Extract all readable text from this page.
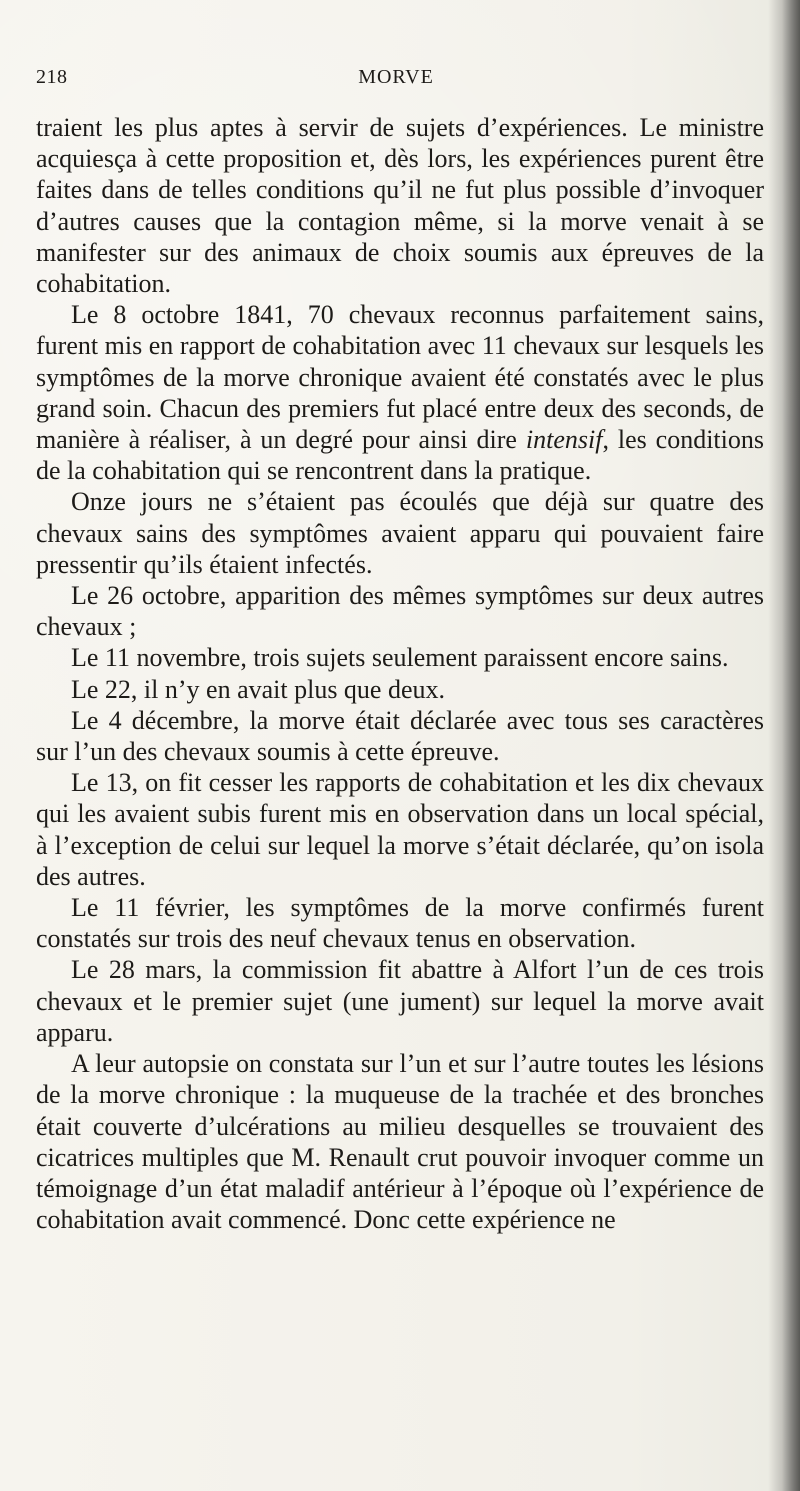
218	MORVE

traient les plus aptes à servir de sujets d’expériences. Le ministre acquiesça à cette proposition et, dès lors, les expériences purent être faites dans de telles conditions qu’il ne fut plus possible d’invoquer d’autres causes que la contagion même, si la morve venait à se manifester sur des animaux de choix soumis aux épreuves de la cohabitation.

Le 8 octobre 1841, 70 chevaux reconnus parfaitement sains, furent mis en rapport de cohabitation avec 11 chevaux sur lesquels les symptômes de la morve chronique avaient été constatés avec le plus grand soin. Chacun des premiers fut placé entre deux des seconds, de manière à réaliser, à un degré pour ainsi dire intensif, les conditions de la cohabitation qui se rencontrent dans la pratique.

Onze jours ne s’étaient pas écoulés que déjà sur quatre des chevaux sains des symptômes avaient apparu qui pouvaient faire pressentir qu’ils étaient infectés.

Le 26 octobre, apparition des mêmes symptômes sur deux autres chevaux ;

Le 11 novembre, trois sujets seulement paraissent encore sains.

Le 22, il n’y en avait plus que deux.

Le 4 décembre, la morve était déclarée avec tous ses caractères sur l’un des chevaux soumis à cette épreuve.

Le 13, on fit cesser les rapports de cohabitation et les dix chevaux qui les avaient subis furent mis en observation dans un local spécial, à l’exception de celui sur lequel la morve s’était déclarée, qu’on isola des autres.

Le 11 février, les symptômes de la morve confirmés furent constatés sur trois des neuf chevaux tenus en observation.

Le 28 mars, la commission fit abattre à Alfort l’un de ces trois chevaux et le premier sujet (une jument) sur lequel la morve avait apparu.

A leur autopsie on constata sur l’un et sur l’autre toutes les lésions de la morve chronique : la muqueuse de la trachée et des bronches était couverte d’ulcérations au milieu desquelles se trouvaient des cicatrices multiples que M. Renault crut pouvoir invoquer comme un témoignage d’un état maladif antérieur à l’époque où l’expérience de cohabitation avait commencé. Donc cette expérience ne
